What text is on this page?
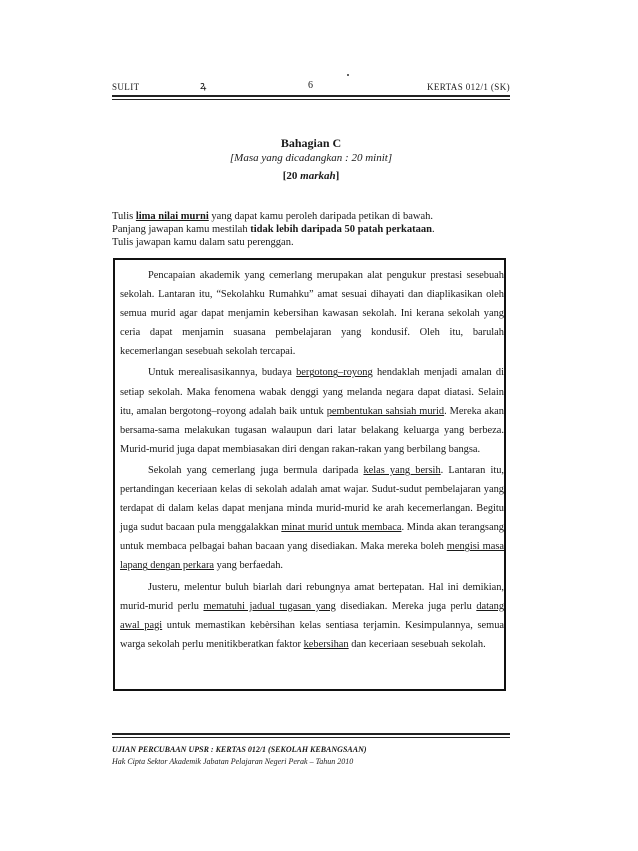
SULIT	ꝝ	6	KERTAS 012/1 (SK)
Bahagian C
[Masa yang dicadangkan : 20 minit]
[20 markah]
Tulis lima nilai murni yang dapat kamu peroleh daripada petikan di bawah.
Panjang jawapan kamu mestilah tidak lebih daripada 50 patah perkataan.
Tulis jawapan kamu dalam satu perenggan.

Pencapaian akademik yang cemerlang merupakan alat pengukur prestasi sesebuah sekolah. Lantaran itu, “Sekolahku Rumahku” amat sesuai dihayati dan diaplikasikan oleh semua murid agar dapat menjamin kebersihan kawasan sekolah. Ini kerana sekolah yang ceria dapat menjamin suasana pembelajaran yang kondusif. Oleh itu, barulah kecemerlangan sesebuah sekolah tercapai.

Untuk merealisasikannya, budaya bergotong–royong hendaklah menjadi amalan di setiap sekolah. Maka fenomena wabak denggi yang melanda negara dapat diatasi. Selain itu, amalan bergotong–royong adalah baik untuk pembentukan sahsiah murid. Mereka akan bersama-sama melakukan tugasan walaupun dari latar belakang keluarga yang berbeza. Murid-murid juga dapat membiasakan diri dengan rakan-rakan yang berbilang bangsa.

Sekolah yang cemerlang juga bermula daripada kelas yang bersih. Lantaran itu, pertandingan keceriaan kelas di sekolah adalah amat wajar. Sudut-sudut pembelajaran yang terdapat di dalam kelas dapat menjana minda murid-murid ke arah kecemerlangan. Begitu juga sudut bacaan pula menggalakkan minat murid untuk membaca. Minda akan terangsang untuk membaca pelbagai bahan bacaan yang disediakan. Maka mereka boleh mengisi masa lapang dengan perkara yang berfaedah.

Justeru, melentur buluh biarlah dari rebungnya amat bertepatan. Hal ini demikian, murid-murid perlu mematuhi jadual tugasan yang disediakan. Mereka juga perlu datang awal pagi untuk memastikan kebèrsihan kelas sentiasa terjamin. Kesimpulannya, semua warga sekolah perlu menitikberatkan faktor kebersihan dan keceriaan sesebuah sekolah.

UJIAN PERCUBAAN UPSR : KERTAS 012/1 (SEKOLAH KEBANGSAAN)
Hak Cipta Sektor Akademik Jabatan Pelajaran Negeri Perak – Tahun 2010
